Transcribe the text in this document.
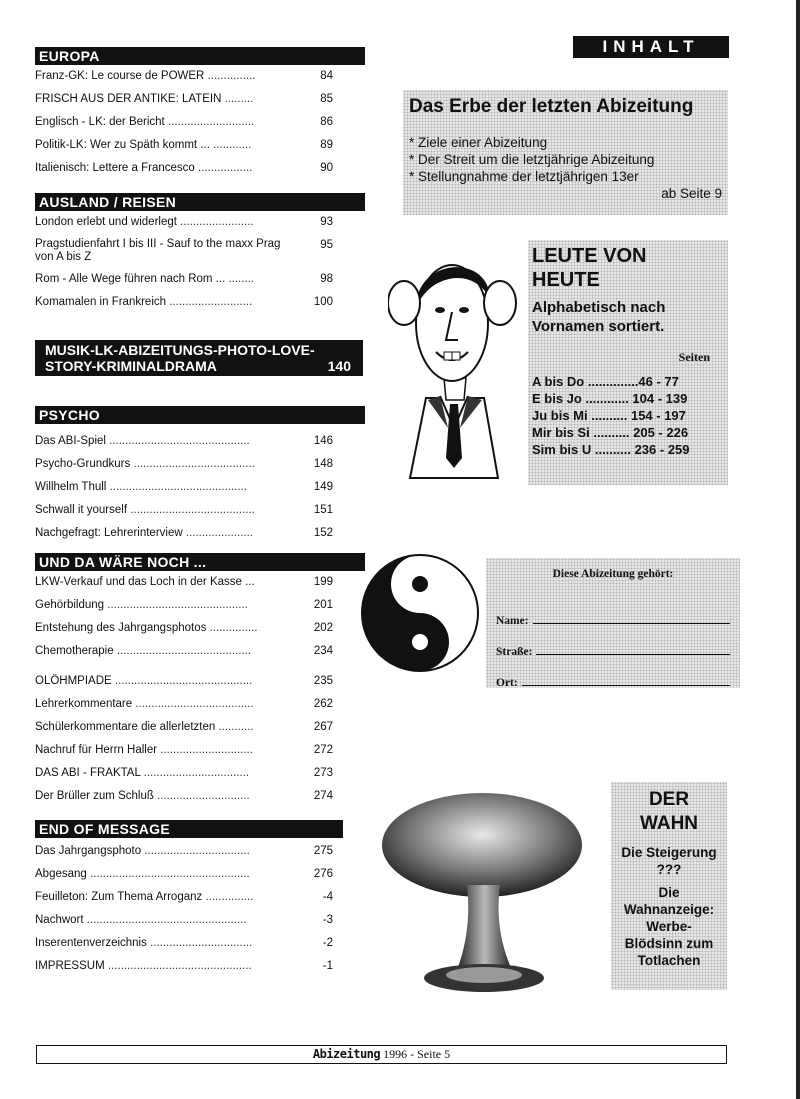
EUROPA
Franz-GK: Le course de POWER ...............	84
FRISCH AUS DER ANTIKE: LATEIN .........	85
Englisch - LK: der Bericht ...........................	86
Politik-LK: Wer zu Späth kommt ... ............	89
Italienisch: Lettere a Francesco .................	90
AUSLAND / REISEN
London erlebt und widerlegt .......................	93
Pragstudienfahrt I bis III - Sauf to the maxx Prag von A bis Z
95
Rom - Alle Wege führen nach Rom ... ........	98
Komamalen in Frankreich ..........................	100
MUSIK-LK-ABIZEITUNGS-PHOTO-LOVE-
STORY-KRIMINALDRAMA	140
PSYCHO
Das ABI-Spiel ............................................	146
Psycho-Grundkurs ......................................	148
Willhelm Thull ...........................................	149
Schwall it yourself .......................................	151
Nachgefragt: Lehrerinterview .....................	152
UND DA WÄRE NOCH ...
LKW-Verkauf und das Loch in der Kasse ...	199
Gehörbildung ............................................	201
Entstehung des Jahrgangsphotos ...............	202
Chemotherapie ..........................................	234
OLÖHMPIADE ...........................................	235
Lehrerkommentare .....................................	262
Schülerkommentare die allerletzten ...........	267
Nachruf für Herrn Haller .............................	272
DAS ABI - FRAKTAL .................................	273
Der Brüller zum Schluß .............................	274
END OF MESSAGE
Das Jahrgangsphoto .................................	275
Abgesang ..................................................	276
Feuilleton: Zum Thema Arroganz ...............	-4
Nachwort ..................................................	-3
Inserentenverzeichnis ................................	-2
IMPRESSUM .............................................	-1
INHALT
Das Erbe der letzten Abizeitung
* Ziele einer Abizeitung
* Der Streit um die letztjährige Abizeitung
* Stellungnahme der letztjährigen 13er
ab Seite 9
LEUTE VON
HEUTE
Alphabetisch nach
Vornamen sortiert.
Seiten
A bis Do ..............46 - 77
E bis Jo ............ 104 - 139
Ju bis Mi .......... 154 - 197
Mir bis Si .......... 205 - 226
Sim bis U .......... 236 - 259
Diese Abizeitung gehört:
Name:
Straße:
Ort:
DER
WAHN
Die Steigerung
???
Die
Wahnanzeige:
Werbe-
Blödsinn zum
Totlachen
Abizeitung 1996 - Seite 5
